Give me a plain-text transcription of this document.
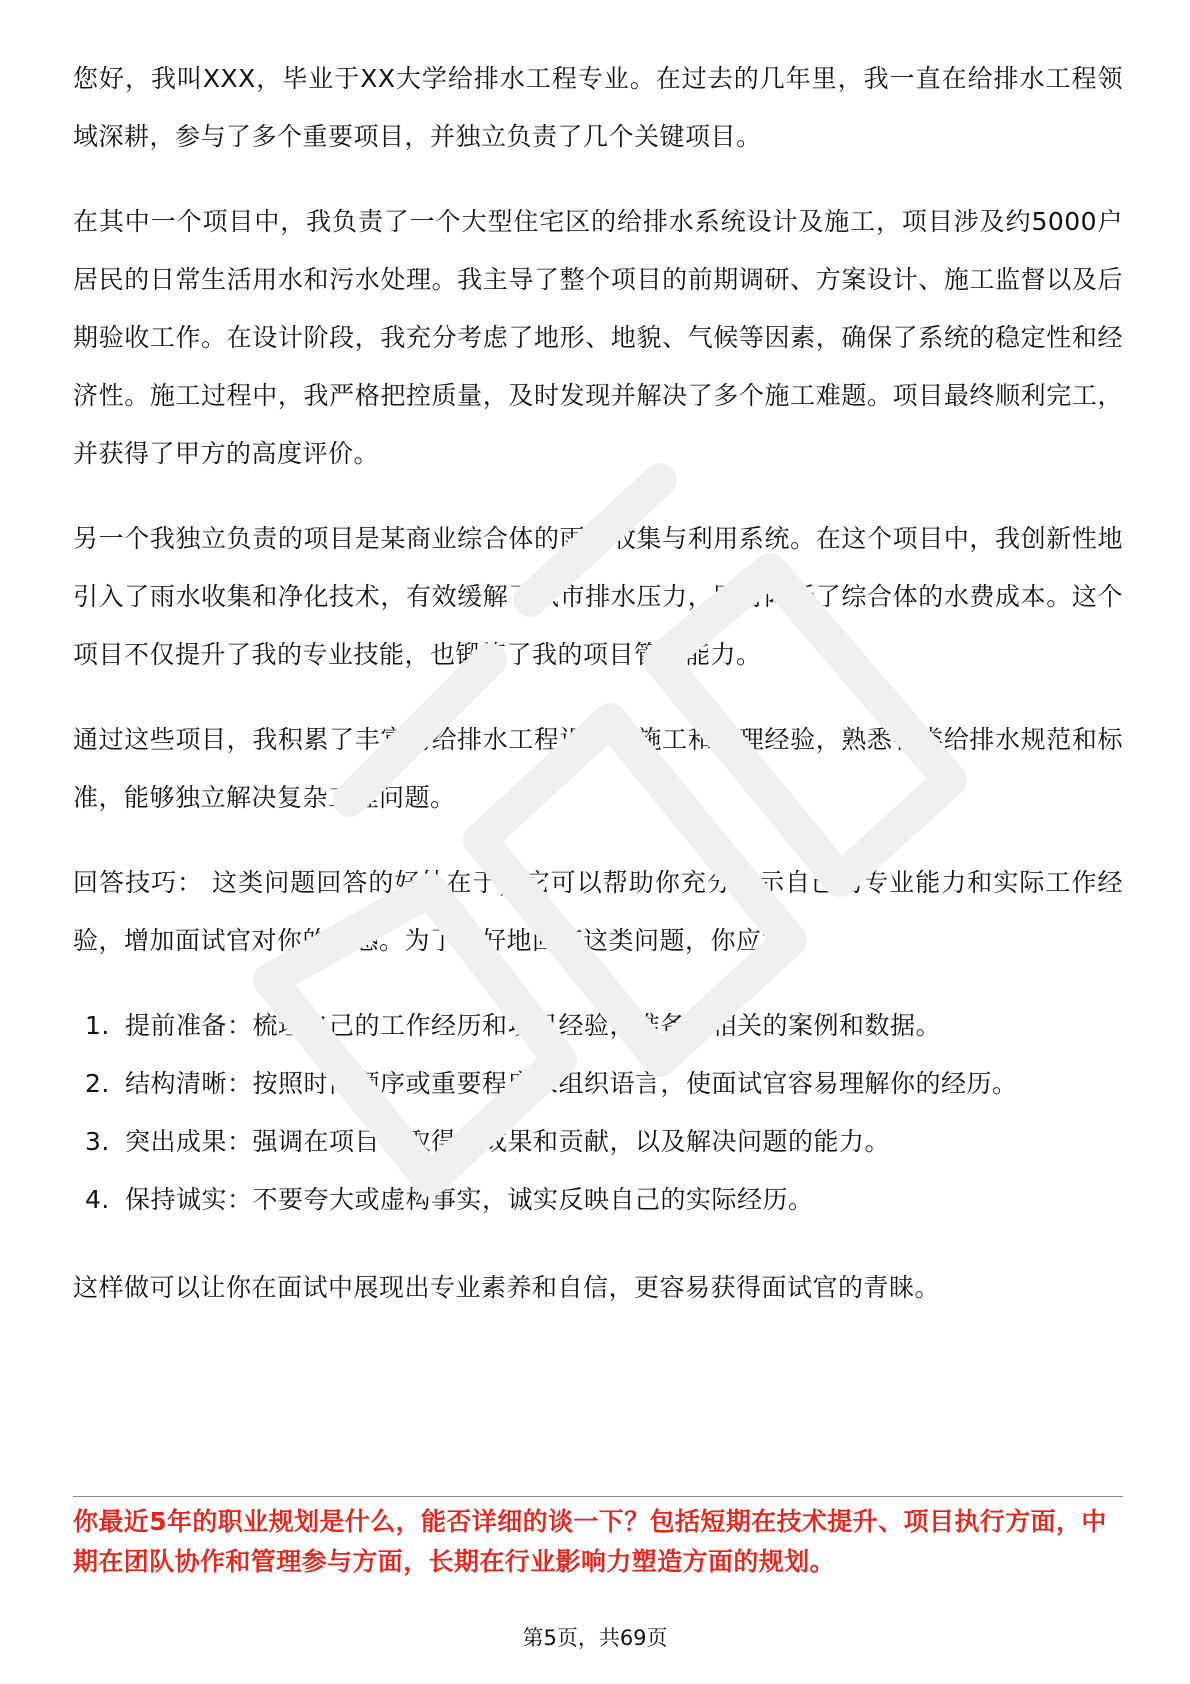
您好，我叫XXX，毕业于XX大学给排水工程专业。在过去的几年里，我一直在给排水工程领域深耕，参与了多个重要项目，并独立负责了几个关键项目。

在其中一个项目中，我负责了一个大型住宅区的给排水系统设计及施工，项目涉及约5000户居民的日常生活用水和污水处理。我主导了整个项目的前期调研、方案设计、施工监督以及后期验收工作。在设计阶段，我充分考虑了地形、地貌、气候等因素，确保了系统的稳定性和经济性。施工过程中，我严格把控质量，及时发现并解决了多个施工难题。项目最终顺利完工，并获得了甲方的高度评价。

另一个我独立负责的项目是某商业综合体的雨水收集与利用系统。在这个项目中，我创新性地引入了雨水收集和净化技术，有效缓解了城市排水压力，同时降低了综合体的水费成本。这个项目不仅提升了我的专业技能，也锻炼了我的项目管理能力。

通过这些项目，我积累了丰富的给排水工程设计、施工和管理经验，熟悉各类给排水规范和标准，能够独立解决复杂工程问题。

回答技巧： 这类问题回答的好处在于，它可以帮助你充分展示自己的专业能力和实际工作经验，增加面试官对你的好感。为了更好地回答这类问题，你应该：

1. 提前准备：梳理自己的工作经历和项目经验，准备好相关的案例和数据。
2. 结构清晰：按照时间顺序或重要程度来组织语言，使面试官容易理解你的经历。
3. 突出成果：强调在项目中取得的成果和贡献，以及解决问题的能力。
4. 保持诚实：不要夸大或虚构事实，诚实反映自己的实际经历。

这样做可以让你在面试中展现出专业素养和自信，更容易获得面试官的青睐。

你最近5年的职业规划是什么，能否详细的谈一下？包括短期在技术提升、项目执行方面，中期在团队协作和管理参与方面，长期在行业影响力塑造方面的规划。
第5页，共69页
